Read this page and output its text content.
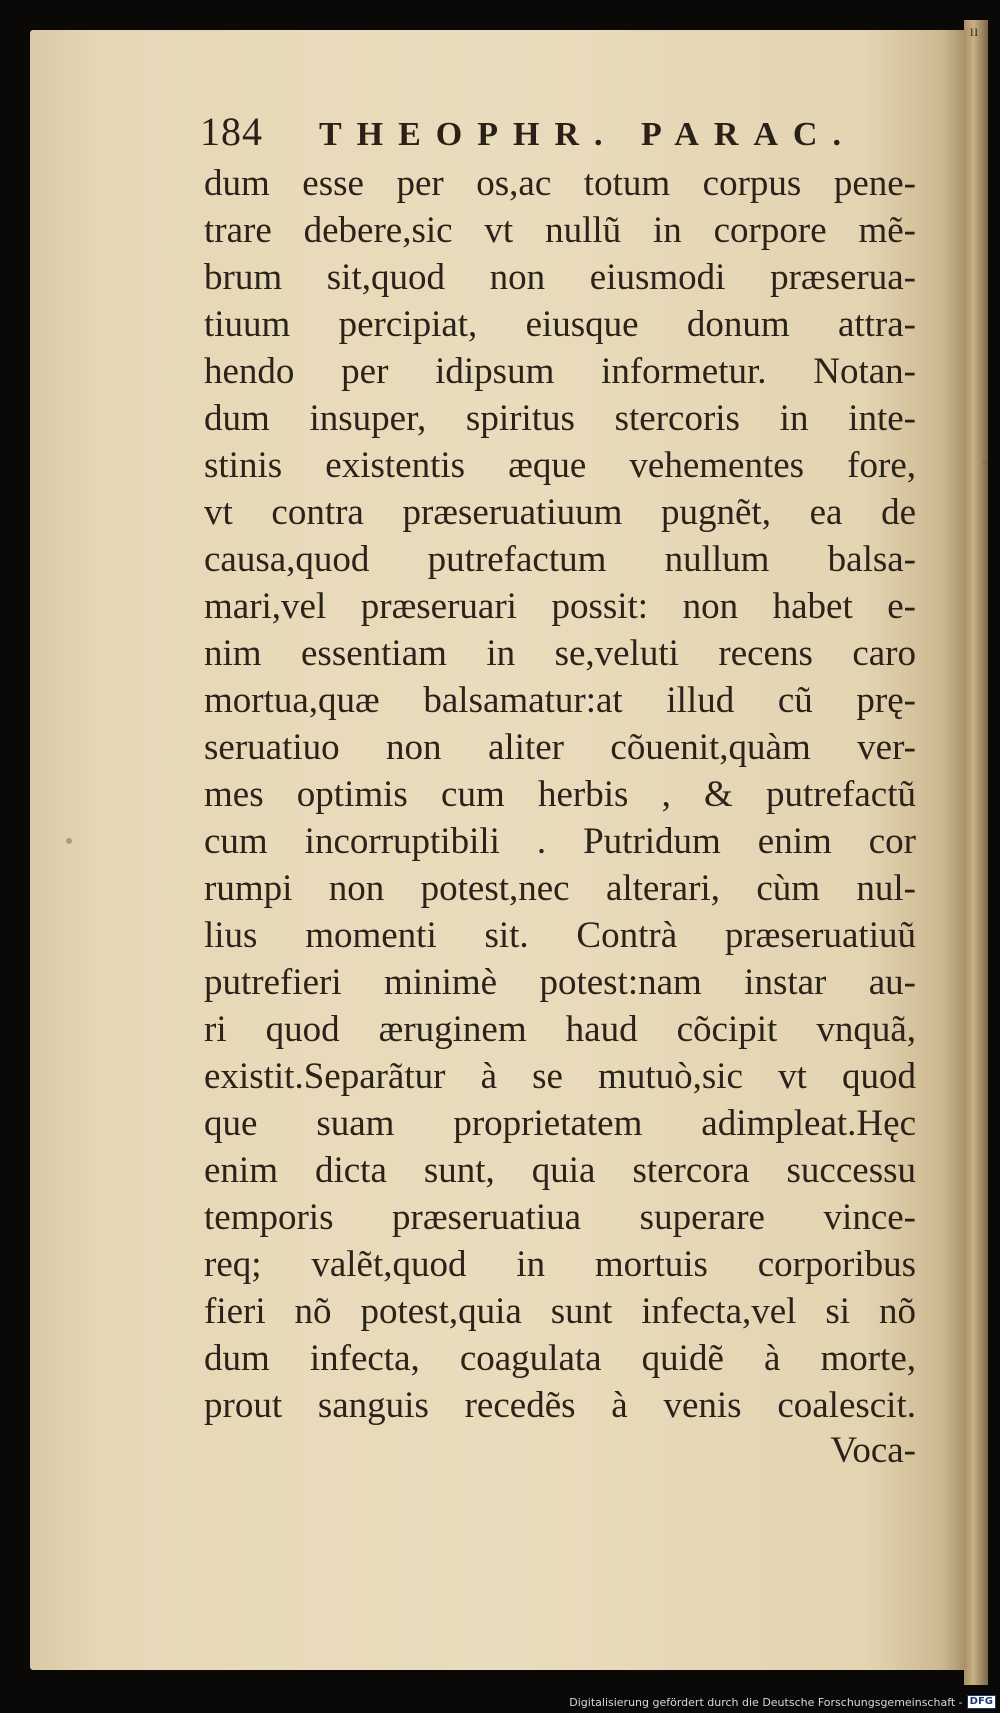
ıı
184 THEOPHR. PARAC.
dum esse per os,ac totum corpus pene-
trare debere,sic vt nullũ in corpore mẽ-
brum sit,quod non eiusmodi præserua-
tiuum percipiat, eiusque donum attra-
hendo per idipsum informetur. Notan-
dum insuper, spiritus stercoris in inte-
stinis existentis æque vehementes fore,
vt contra præseruatiuum pugnẽt, ea de
causa,quod putrefactum nullum balsa-
mari,vel præseruari possit: non habet e-
nim essentiam in se,veluti recens caro
mortua,quæ balsamatur:at illud cũ prę-
seruatiuo non aliter cõuenit,quàm ver-
mes optimis cum herbis , & putrefactũ
cum incorruptibili . Putridum enim cor
rumpi non potest,nec alterari, cùm nul-
lius momenti sit. Contrà præseruatiuũ
putrefieri minimè potest:nam instar au-
ri quod æruginem haud cõcipit vnquã,
existit.Separãtur à se mutuò,sic vt quod
que suam proprietatem adimpleat.Hęc
enim dicta sunt, quia stercora successu
temporis præseruatiua superare vince-
req; valẽt,quod in mortuis corporibus
fieri nõ potest,quia sunt infecta,vel si nõ
dum infecta, coagulata quidẽ à morte,
prout sanguis recedẽs à venis coalescit.
Voca-
Digitalisierung gefördert durch die Deutsche Forschungsgemeinschaft - DFG
